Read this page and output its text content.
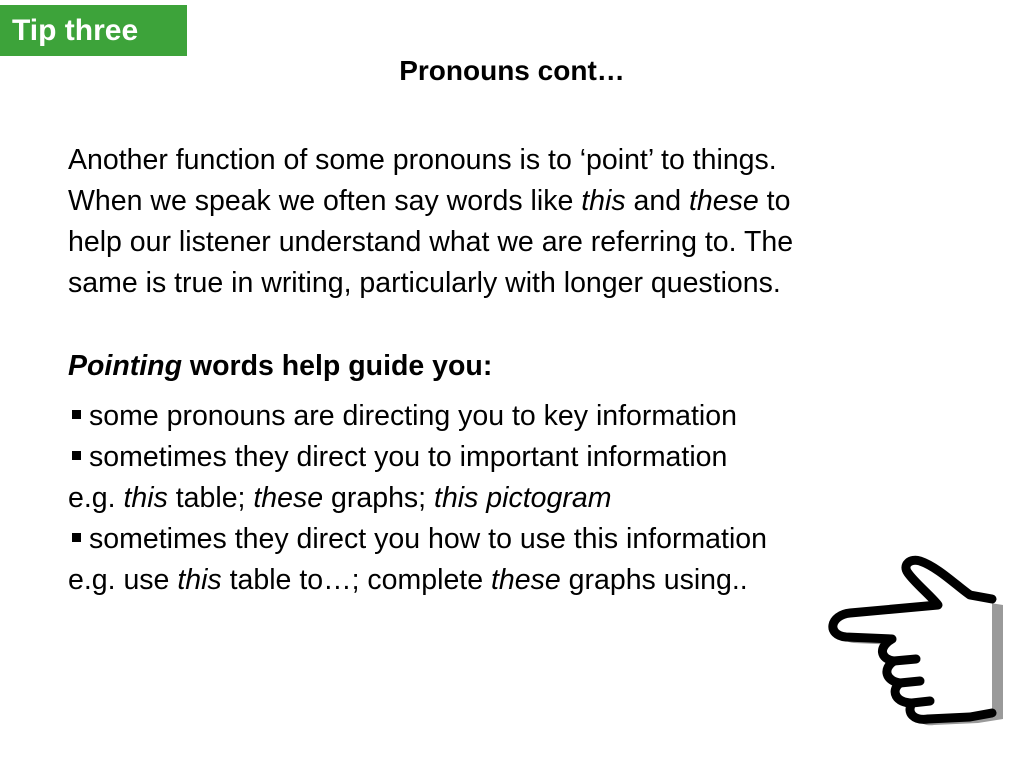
Tip three
Pronouns cont…
Another function of some pronouns is to ‘point’ to things.
When we speak we often say words like this and these to
help our listener understand what we are referring to. The
same is true in writing, particularly with longer questions.
Pointing words help guide you:
some pronouns are directing you to key information
sometimes they direct you to important information
e.g. this table; these graphs; this pictogram
sometimes they direct you how to use this information
e.g. use this table to…; complete these graphs using..
